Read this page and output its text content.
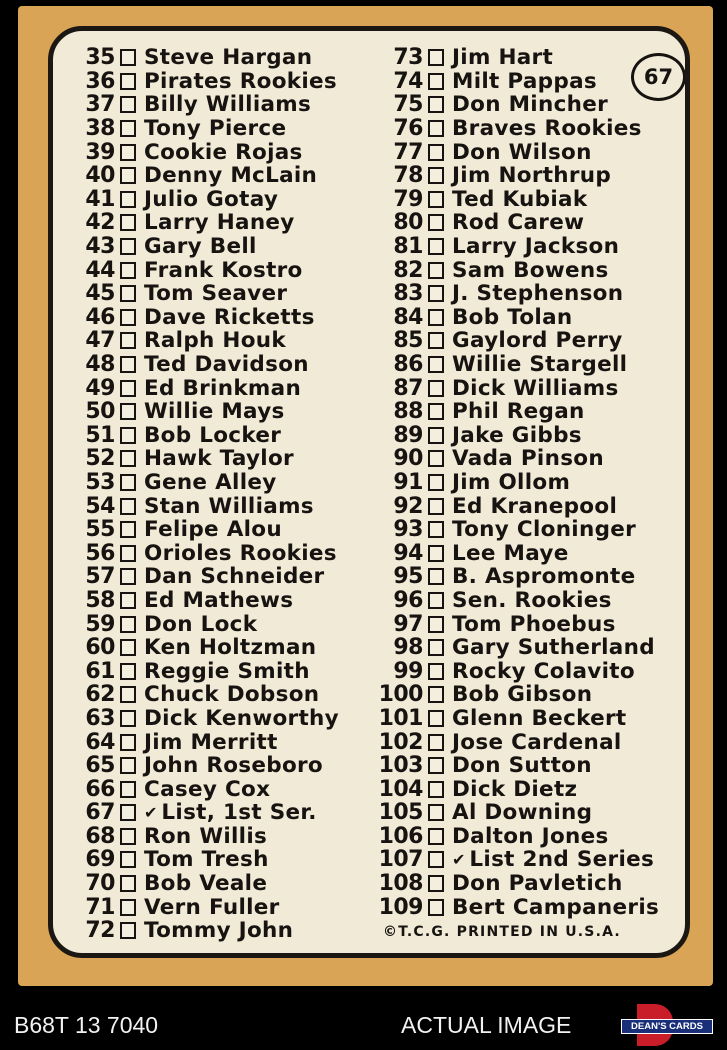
35 Steve Hargan
36 Pirates Rookies
37 Billy Williams
38 Tony Pierce
39 Cookie Rojas
40 Denny McLain
41 Julio Gotay
42 Larry Haney
43 Gary Bell
44 Frank Kostro
45 Tom Seaver
46 Dave Ricketts
47 Ralph Houk
48 Ted Davidson
49 Ed Brinkman
50 Willie Mays
51 Bob Locker
52 Hawk Taylor
53 Gene Alley
54 Stan Williams
55 Felipe Alou
56 Orioles Rookies
57 Dan Schneider
58 Ed Mathews
59 Don Lock
60 Ken Holtzman
61 Reggie Smith
62 Chuck Dobson
63 Dick Kenworthy
64 Jim Merritt
65 John Roseboro
66 Casey Cox
67 ✔ List, 1st Ser.
68 Ron Willis
69 Tom Tresh
70 Bob Veale
71 Vern Fuller
72 Tommy John
73 Jim Hart
74 Milt Pappas
75 Don Mincher
76 Braves Rookies
77 Don Wilson
78 Jim Northrup
79 Ted Kubiak
80 Rod Carew
81 Larry Jackson
82 Sam Bowens
83 J. Stephenson
84 Bob Tolan
85 Gaylord Perry
86 Willie Stargell
87 Dick Williams
88 Phil Regan
89 Jake Gibbs
90 Vada Pinson
91 Jim Ollom
92 Ed Kranepool
93 Tony Cloninger
94 Lee Maye
95 B. Aspromonte
96 Sen. Rookies
97 Tom Phoebus
98 Gary Sutherland
99 Rocky Colavito
100 Bob Gibson
101 Glenn Beckert
102 Jose Cardenal
103 Don Sutton
104 Dick Dietz
105 Al Downing
106 Dalton Jones
107 ✔ List 2nd Series
108 Don Pavletich
109 Bert Campaneris
67
©T.C.G. PRINTED IN U.S.A.
B68T 13 7040	ACTUAL IMAGE	DEAN'S CARDS
